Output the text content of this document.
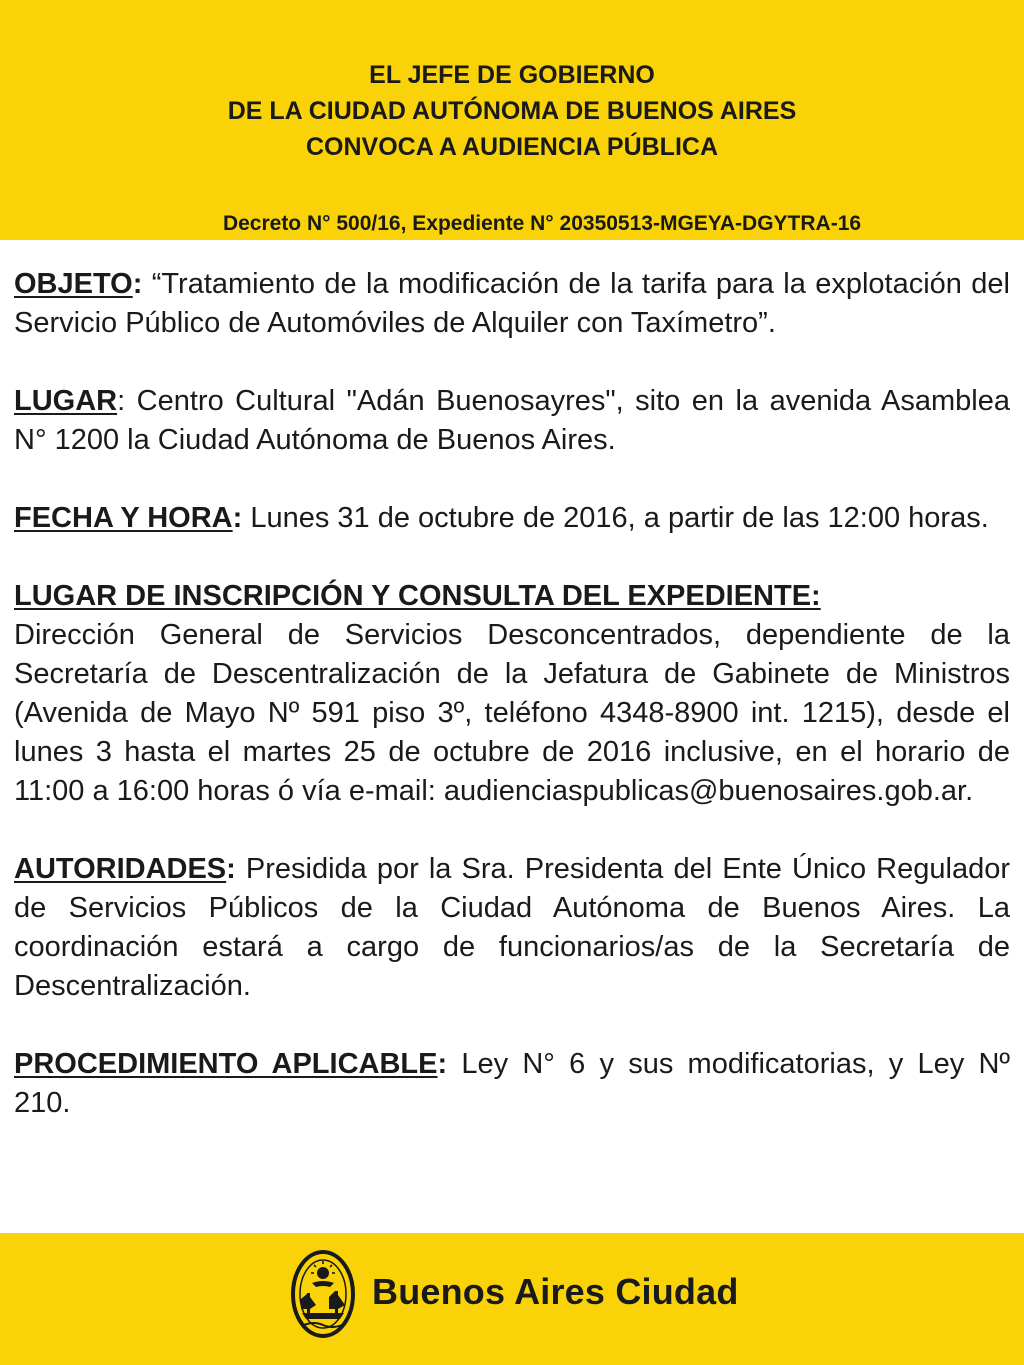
EL JEFE DE GOBIERNO
DE LA CIUDAD AUTÓNOMA DE BUENOS AIRES
CONVOCA A AUDIENCIA PÚBLICA
Decreto N° 500/16, Expediente N° 20350513-MGEYA-DGYTRA-16

OBJETO: “Tratamiento de la modificación de la tarifa para la explotación del Servicio Público de Automóviles de Alquiler con Taxímetro”.

LUGAR: Centro Cultural "Adán Buenosayres", sito en la avenida Asamblea N° 1200 la Ciudad Autónoma de Buenos Aires.

FECHA Y HORA: Lunes 31 de octubre de 2016, a partir de las 12:00 horas.

LUGAR DE INSCRIPCIÓN Y CONSULTA DEL EXPEDIENTE:
Dirección General de Servicios Desconcentrados, dependiente de la Secretaría de Descentralización de la Jefatura de Gabinete de Ministros (Avenida de Mayo Nº 591 piso 3º, teléfono 4348-8900 int. 1215), desde el lunes 3 hasta el martes 25 de octubre de 2016 inclusive, en el horario de 11:00 a 16:00 horas ó vía e-mail: audienciaspublicas@buenosaires.gob.ar.

AUTORIDADES: Presidida por la Sra. Presidenta del Ente Único Regulador de Servicios Públicos de la Ciudad Autónoma de Buenos Aires. La coordinación estará a cargo de funcionarios/as de la Secretaría de Descentralización.

PROCEDIMIENTO APLICABLE: Ley N° 6 y sus modificatorias, y Ley Nº 210.

Buenos Aires Ciudad
